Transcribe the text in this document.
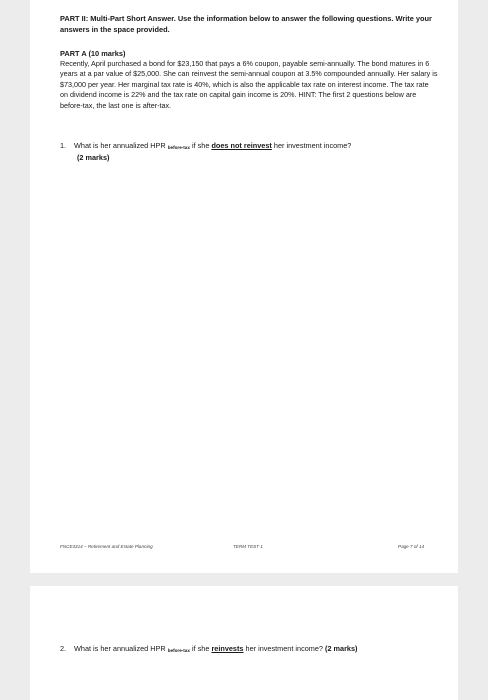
PART II: Multi-Part Short Answer. Use the information below to answer the following questions. Write your answers in the space provided.

PART A (10 marks)

Recently, April purchased a bond for $23,150 that pays a 6% coupon, payable semi-annually. The bond matures in 6 years at a par value of $25,000. She can reinvest the semi-annual coupon at 3.5% compounded annually. Her salary is $73,000 per year. Her marginal tax rate is 40%, which is also the applicable tax rate on interest income. The tax rate on dividend income is 22% and the tax rate on capital gain income is 20%. HINT: The first 2 questions below are before-tax, the last one is after-tax.

1. What is her annualized HPR $_{before-tax}$ if she does not reinvest her investment income?
(2 marks)

FNCE3314 – Retirement and Estate Planning	TERM TEST 1	Page 7 of 14

2. What is her annualized HPR $_{before-tax}$ if she reinvests her investment income? (2 marks)
